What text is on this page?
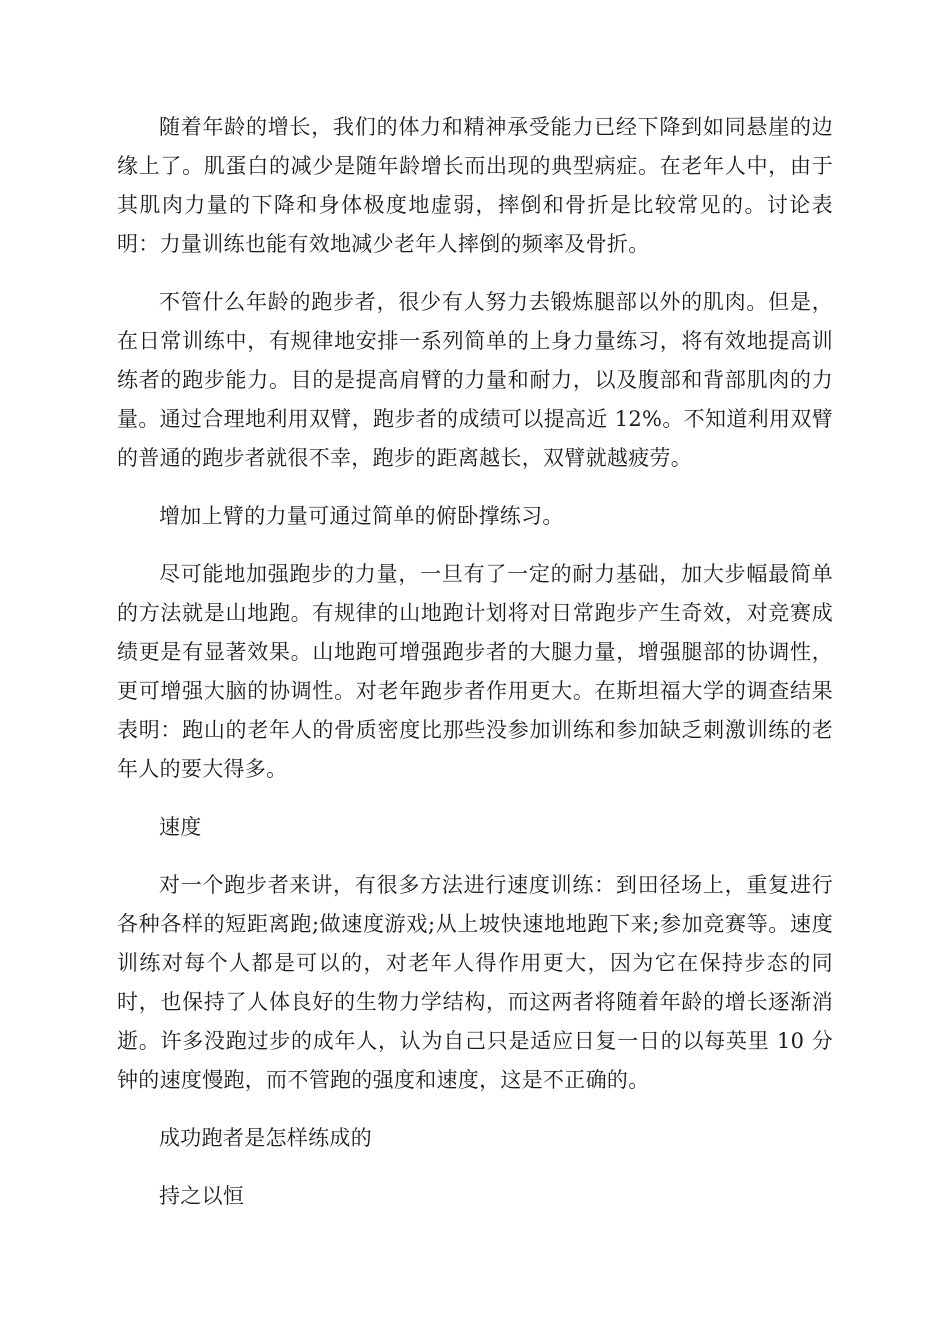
随着年龄的增长，我们的体力和精神承受能力已经下降到如同悬崖的边缘上了。肌蛋白的减少是随年龄增长而出现的典型病症。在老年人中，由于其肌肉力量的下降和身体极度地虚弱，摔倒和骨折是比较常见的。讨论表明：力量训练也能有效地减少老年人摔倒的频率及骨折。

不管什么年龄的跑步者，很少有人努力去锻炼腿部以外的肌肉。但是，在日常训练中，有规律地安排一系列简单的上身力量练习，将有效地提高训练者的跑步能力。目的是提高肩臂的力量和耐力，以及腹部和背部肌肉的力量。通过合理地利用双臂，跑步者的成绩可以提高近 12%。不知道利用双臂的普通的跑步者就很不幸，跑步的距离越长，双臂就越疲劳。

增加上臂的力量可通过简单的俯卧撑练习。

尽可能地加强跑步的力量，一旦有了一定的耐力基础，加大步幅最简单的方法就是山地跑。有规律的山地跑计划将对日常跑步产生奇效，对竞赛成绩更是有显著效果。山地跑可增强跑步者的大腿力量，增强腿部的协调性，更可增强大脑的协调性。对老年跑步者作用更大。在斯坦福大学的调查结果表明：跑山的老年人的骨质密度比那些没参加训练和参加缺乏刺激训练的老年人的要大得多。

速度

对一个跑步者来讲，有很多方法进行速度训练：到田径场上，重复进行各种各样的短距离跑;做速度游戏;从上坡快速地地跑下来;参加竞赛等。速度训练对每个人都是可以的，对老年人得作用更大，因为它在保持步态的同时，也保持了人体良好的生物力学结构，而这两者将随着年龄的增长逐渐消逝。许多没跑过步的成年人，认为自己只是适应日复一日的以每英里 10 分钟的速度慢跑，而不管跑的强度和速度，这是不正确的。

成功跑者是怎样练成的

持之以恒
